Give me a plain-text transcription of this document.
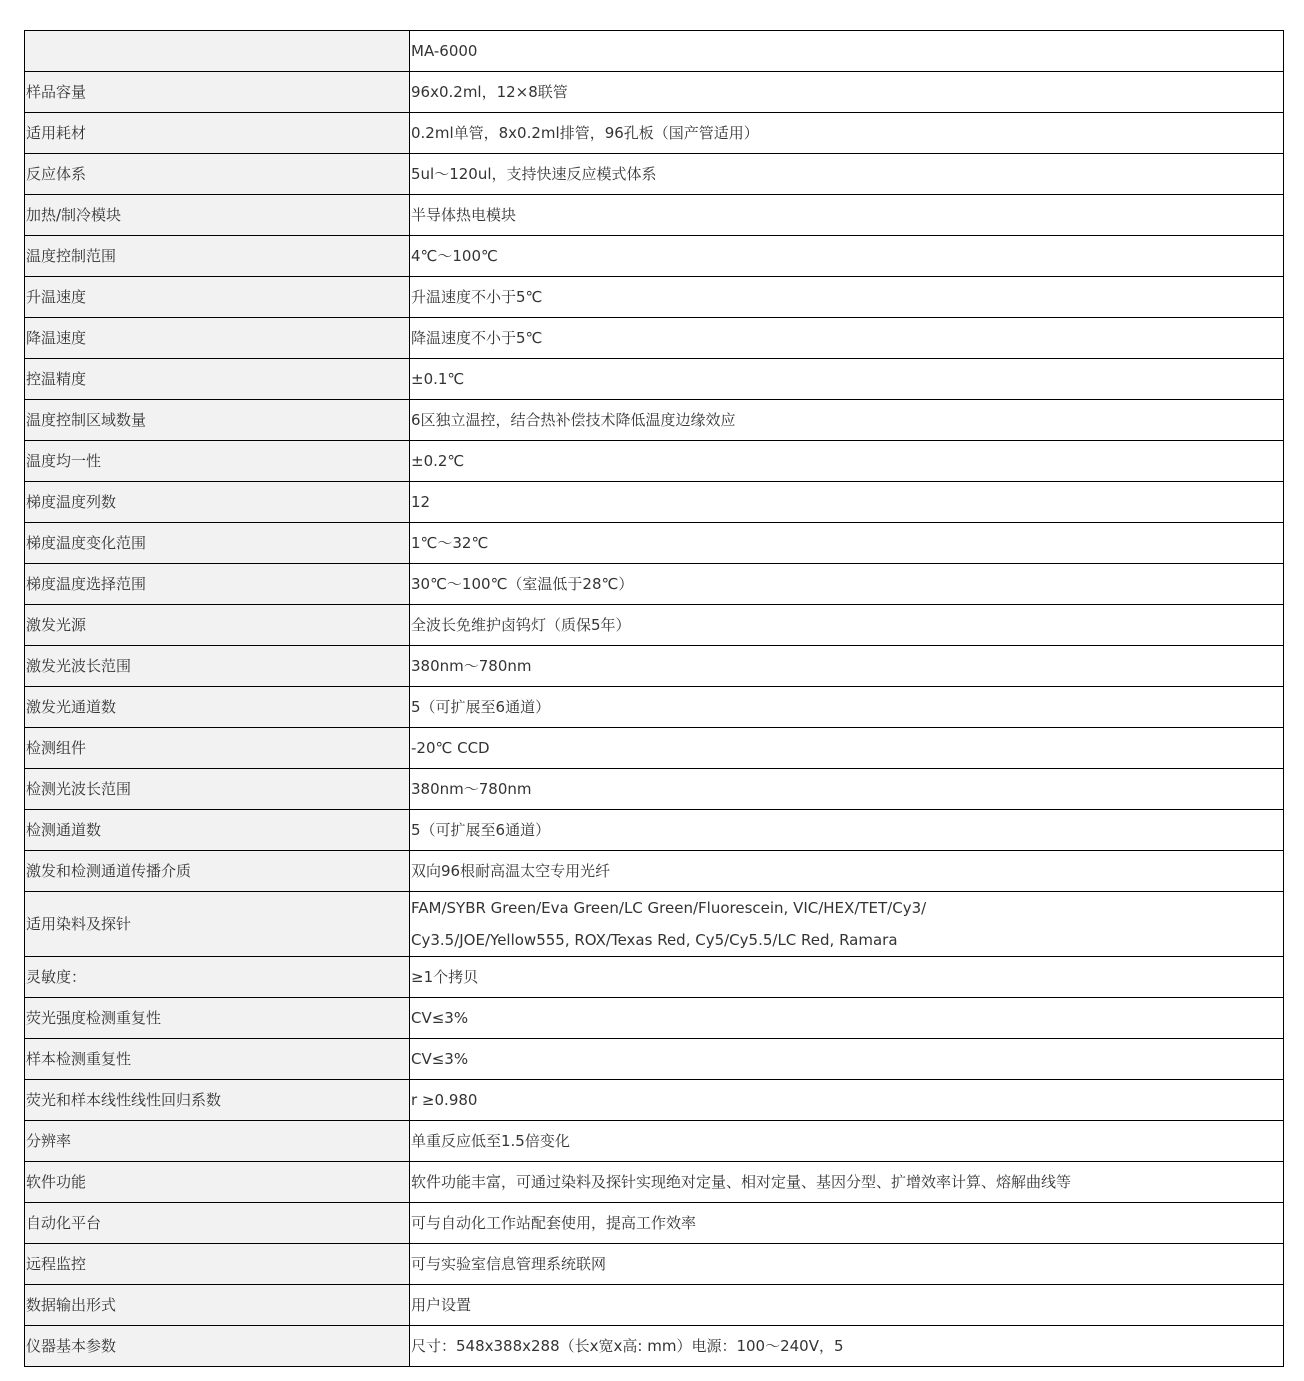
	MA-6000
样品容量	96x0.2ml，12×8联管
适用耗材	0.2ml单管，8x0.2ml排管，96孔板（国产管适用）
反应体系	5ul～120ul，支持快速反应模式体系
加热/制冷模块	半导体热电模块
温度控制范围	4℃～100℃
升温速度	升温速度不小于5℃
降温速度	降温速度不小于5℃
控温精度	±0.1℃
温度控制区域数量	6区独立温控，结合热补偿技术降低温度边缘效应
温度均一性	±0.2℃
梯度温度列数	12
梯度温度变化范围	1℃～32℃
梯度温度选择范围	30℃～100℃（室温低于28℃）
激发光源	全波长免维护卤钨灯（质保5年）
激发光波长范围	380nm～780nm
激发光通道数	5（可扩展至6通道）
检测组件	-20℃ CCD
检测光波长范围	380nm～780nm
检测通道数	5（可扩展至6通道）
激发和检测通道传播介质	双向96根耐高温太空专用光纤
适用染料及探针	FAM/SYBR Green/Eva Green/LC Green/Fluorescein, VIC/HEX/TET/Cy3/
Cy3.5/JOE/Yellow555, ROX/Texas Red, Cy5/Cy5.5/LC Red, Ramara

灵敏度：	≥1个拷贝
荧光强度检测重复性	CV≤3%
样本检测重复性	CV≤3%
荧光和样本线性线性回归系数	r ≥0.980
分辨率	单重反应低至1.5倍变化
软件功能	软件功能丰富，可通过染料及探针实现绝对定量、相对定量、基因分型、扩增效率计算、熔解曲线等
自动化平台	可与自动化工作站配套使用，提高工作效率
远程监控	可与实验室信息管理系统联网
数据输出形式	用户设置
仪器基本参数	尺寸：548x388x288（长x宽x高: mm）电源：100～240V，5
